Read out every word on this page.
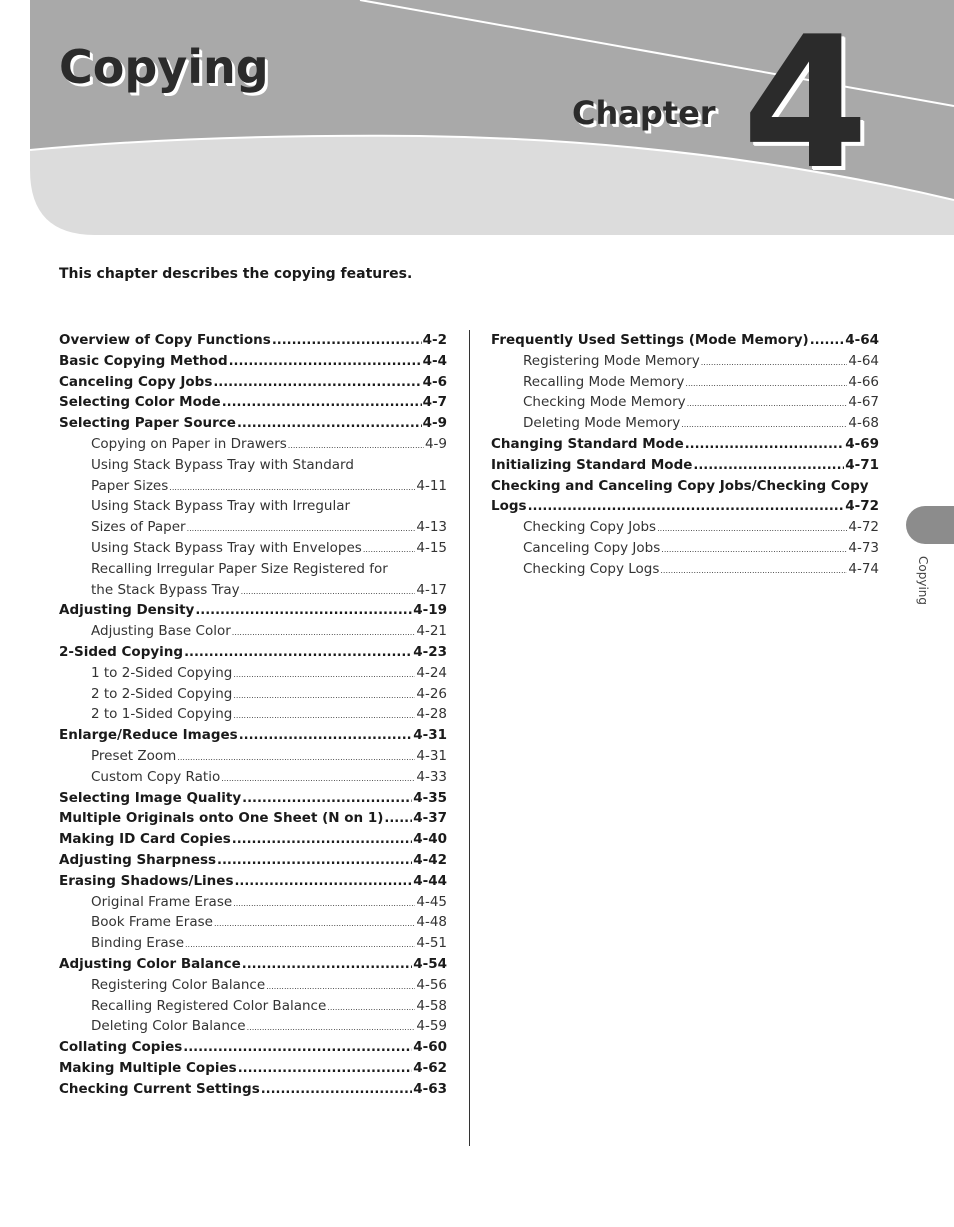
Copying
Chapter 4

This chapter describes the copying features.

Overview of Copy Functions .....	4-2
Basic Copying Method .....	4-4
Canceling Copy Jobs .....	4-6
Selecting Color Mode .....	4-7
Selecting Paper Source .....	4-9
Copying on Paper in Drawers .....	4-9
Using Stack Bypass Tray with Standard
Paper Sizes .....	4-11
Using Stack Bypass Tray with Irregular
Sizes of Paper .....	4-13
Using Stack Bypass Tray with Envelopes .....	4-15
Recalling Irregular Paper Size Registered for
the Stack Bypass Tray .....	4-17
Adjusting Density .....	4-19
Adjusting Base Color .....	4-21
2-Sided Copying .....	4-23
1 to 2-Sided Copying .....	4-24
2 to 2-Sided Copying .....	4-26
2 to 1-Sided Copying .....	4-28
Enlarge/Reduce Images .....	4-31
Preset Zoom .....	4-31
Custom Copy Ratio .....	4-33
Selecting Image Quality .....	4-35
Multiple Originals onto One Sheet (N on 1) ..... 4-37
Making ID Card Copies .....	4-40
Adjusting Sharpness .....	4-42
Erasing Shadows/Lines .....	4-44
Original Frame Erase .....	4-45
Book Frame Erase .....	4-48
Binding Erase .....	4-51
Adjusting Color Balance .....	4-54
Registering Color Balance .....	4-56
Recalling Registered Color Balance .....	4-58
Deleting Color Balance .....	4-59
Collating Copies .....	4-60
Making Multiple Copies .....	4-62
Checking Current Settings .....	4-63
Frequently Used Settings (Mode Memory) .....	4-64
Registering Mode Memory .....	4-64
Recalling Mode Memory .....	4-66
Checking Mode Memory .....	4-67
Deleting Mode Memory .....	4-68
Changing Standard Mode .....	4-69
Initializing Standard Mode .....	4-71
Checking and Canceling Copy Jobs/Checking Copy
Logs .....	4-72
Checking Copy Jobs .....	4-72
Canceling Copy Jobs .....	4-73
Checking Copy Logs .....	4-74	Copying
